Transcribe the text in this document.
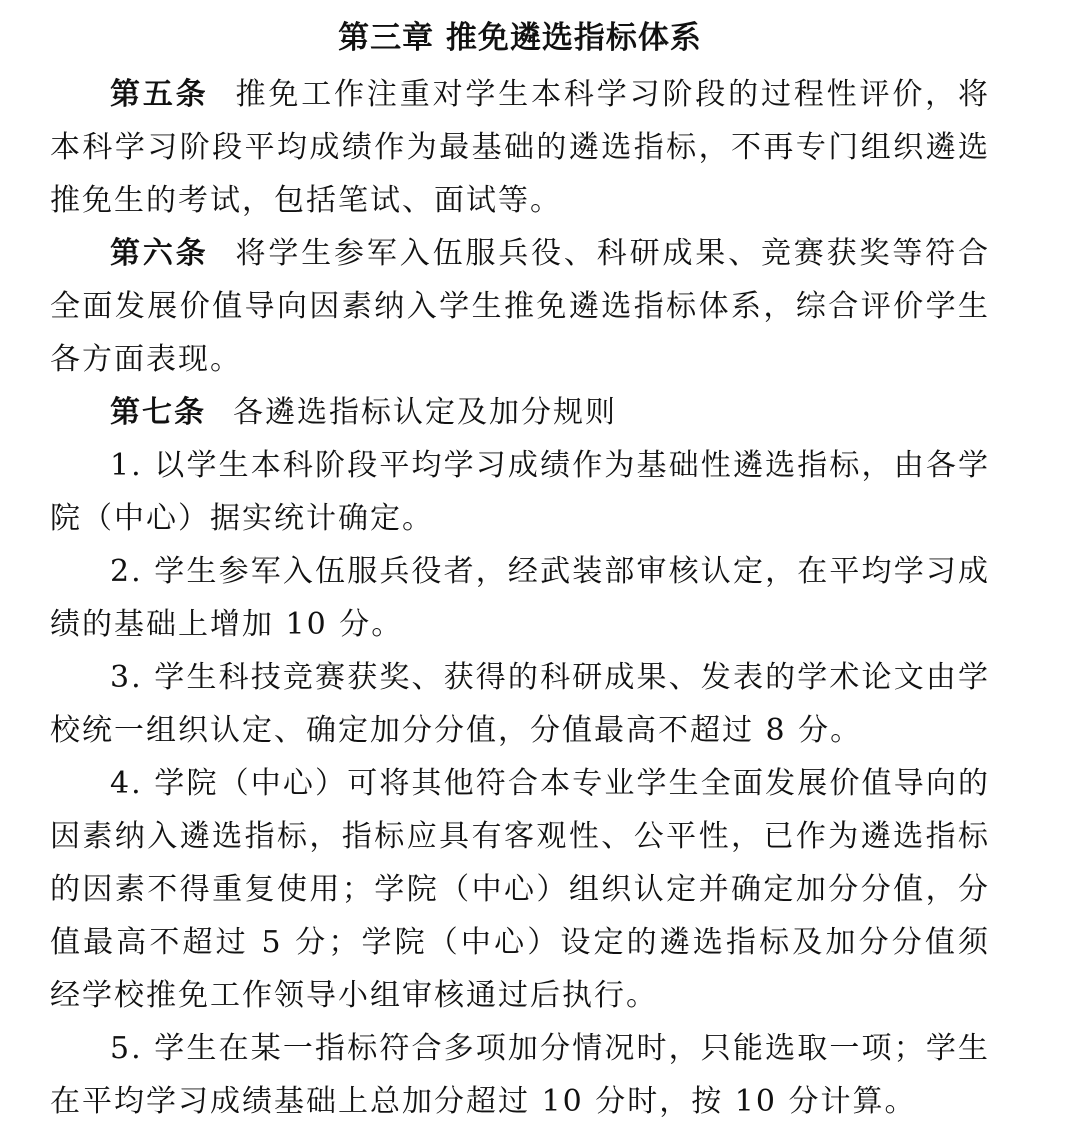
第三章 推免遴选指标体系

第五条 推免工作注重对学生本科学习阶段的过程性评价，将本科学习阶段平均成绩作为最基础的遴选指标，不再专门组织遴选推免生的考试，包括笔试、面试等。

第六条 将学生参军入伍服兵役、科研成果、竞赛获奖等符合全面发展价值导向因素纳入学生推免遴选指标体系，综合评价学生各方面表现。

第七条 各遴选指标认定及加分规则

1. 以学生本科阶段平均学习成绩作为基础性遴选指标，由各学院（中心）据实统计确定。

2. 学生参军入伍服兵役者，经武装部审核认定，在平均学习成绩的基础上增加 10 分。

3. 学生科技竞赛获奖、获得的科研成果、发表的学术论文由学校统一组织认定、确定加分分值，分值最高不超过 8 分。

4. 学院（中心）可将其他符合本专业学生全面发展价值导向的因素纳入遴选指标，指标应具有客观性、公平性，已作为遴选指标的因素不得重复使用；学院（中心）组织认定并确定加分分值，分值最高不超过 5 分；学院（中心）设定的遴选指标及加分分值须经学校推免工作领导小组审核通过后执行。

5. 学生在某一指标符合多项加分情况时，只能选取一项；学生在平均学习成绩基础上总加分超过 10 分时，按 10 分计算。
